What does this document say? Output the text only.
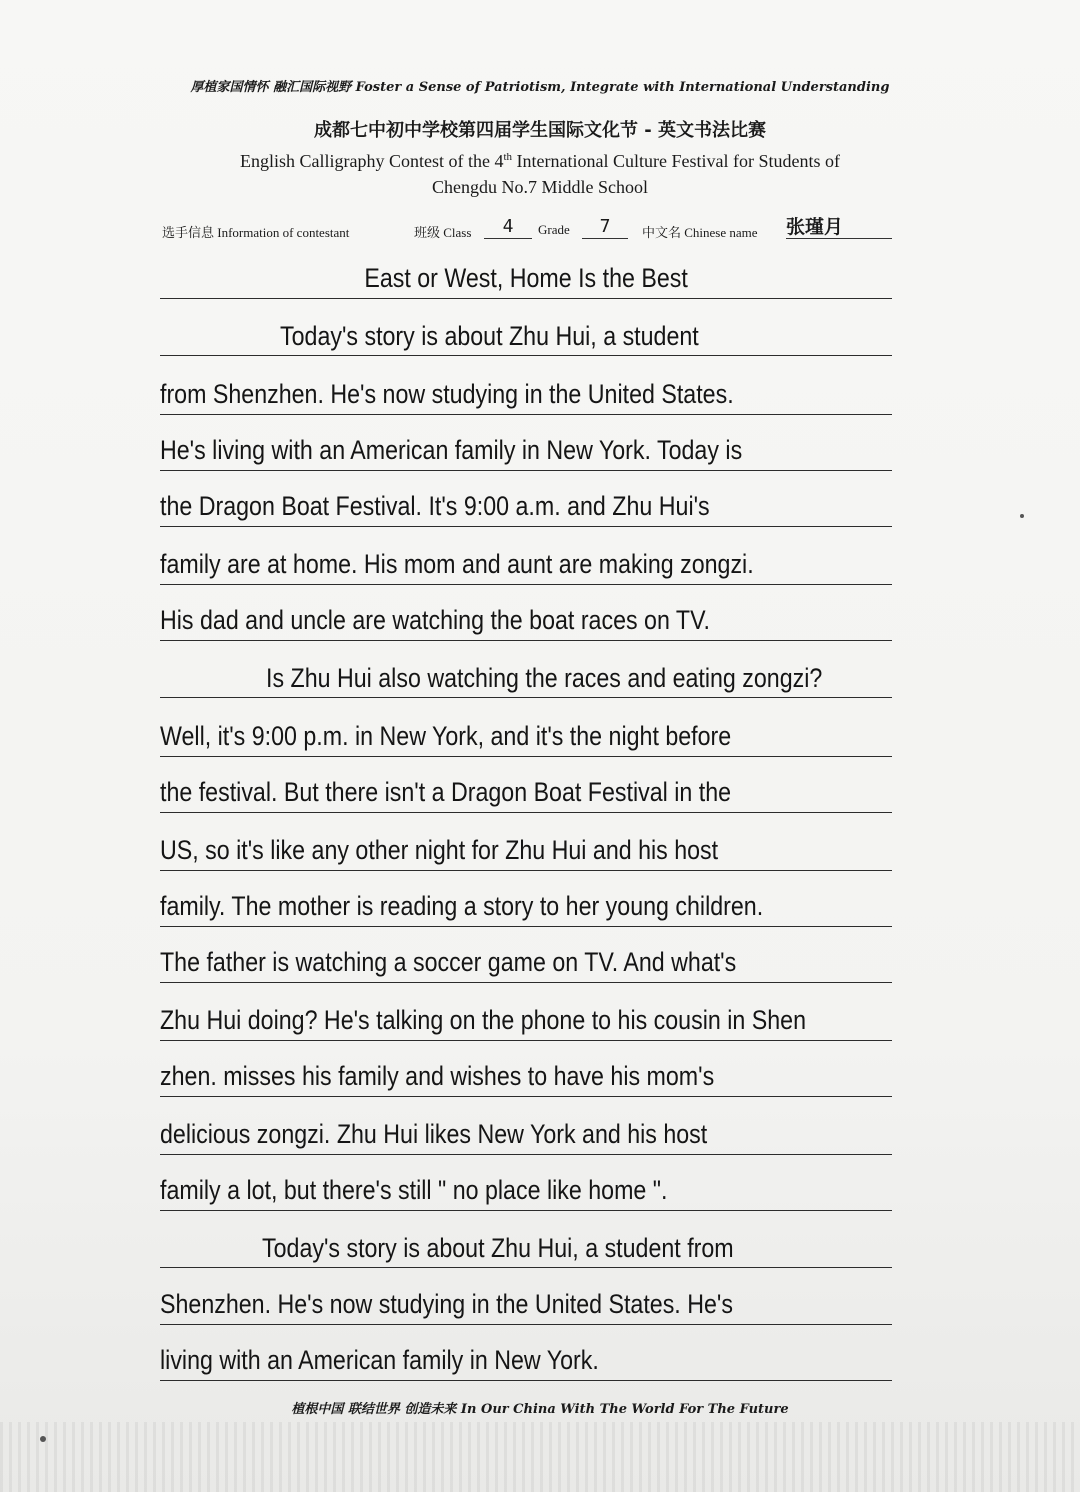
厚植家国情怀 融汇国际视野 Foster a Sense of Patriotism, Integrate with International Understanding
成都七中初中学校第四届学生国际文化节 - 英文书法比赛
English Calligraphy Contest of the 4th International Culture Festival for Students of
Chengdu No.7 Middle School
选手信息 Information of contestant	班级 Class	4	Grade	7	中文名 Chinese name 张瑾月
East or West, Home Is the Best
Today's story is about Zhu Hui, a student
from Shenzhen. He's now studying in the United States.
He's living with an American family in New York. Today is
the Dragon Boat Festival. It's 9:00 a.m. and Zhu Hui's
family are at home. His mom and aunt are making zongzi.
His dad and uncle are watching the boat races on TV.
Is Zhu Hui also watching the races and eating zongzi?
Well, it's 9:00 p.m. in New York, and it's the night before
the festival. But there isn't a Dragon Boat Festival in the
US, so it's like any other night for Zhu Hui and his host
family. The mother is reading a story to her young children.
The father is watching a soccer game on TV. And what's
Zhu Hui doing? He's talking on the phone to his cousin in Shen
zhen. misses his family and wishes to have his mom's
delicious zongzi. Zhu Hui likes New York and his host
family a lot, but there's still " no place like home ".
Today's story is about Zhu Hui, a student from
Shenzhen. He's now studying in the United States. He's
living with an American family in New York.
植根中国 联结世界 创造未来 In Our China With The World For The Future
